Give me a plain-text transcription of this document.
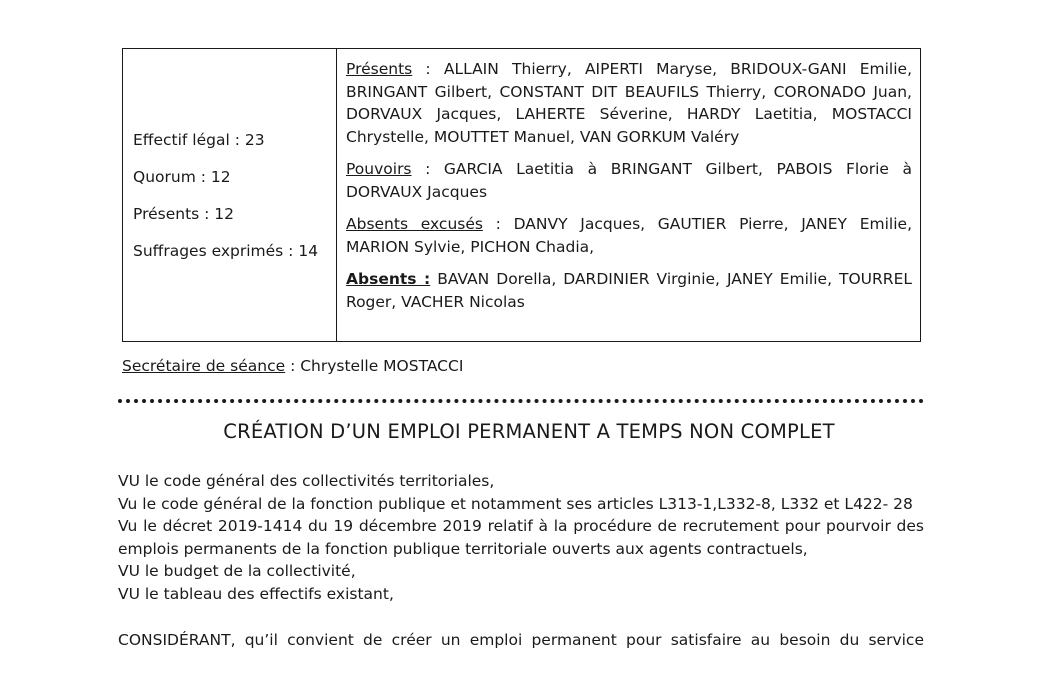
Effectif légal : 23
Quorum : 12
Présents : 12
Suffrages exprimés : 14

Présents : ALLAIN Thierry, AIPERTI Maryse, BRIDOUX-GANI Emilie, BRINGANT Gilbert, CONSTANT DIT BEAUFILS Thierry, CORONADO Juan, DORVAUX Jacques, LAHERTE Séverine, HARDY Laetitia, MOSTACCI Chrystelle, MOUTTET Manuel, VAN GORKUM Valéry

Pouvoirs : GARCIA Laetitia à BRINGANT Gilbert, PABOIS Florie à DORVAUX Jacques

Absents excusés : DANVY Jacques, GAUTIER Pierre, JANEY Emilie, MARION Sylvie, PICHON Chadia,

Absents : BAVAN Dorella, DARDINIER Virginie, JANEY Emilie, TOURREL Roger, VACHER Nicolas

Secrétaire de séance : Chrystelle MOSTACCI
CRÉATION D’UN EMPLOI PERMANENT A TEMPS NON COMPLET
VU le code général des collectivités territoriales,
Vu le code général de la fonction publique et notamment ses articles L313-1,L332-8, L332 et L422- 28
Vu le décret 2019-1414 du 19 décembre 2019 relatif à la procédure de recrutement pour pourvoir des
emplois permanents de la fonction publique territoriale ouverts aux agents contractuels,
VU le budget de la collectivité,
VU le tableau des effectifs existant,
CONSIDÉRANT, qu’il convient de créer un emploi permanent pour satisfaire au besoin du service
